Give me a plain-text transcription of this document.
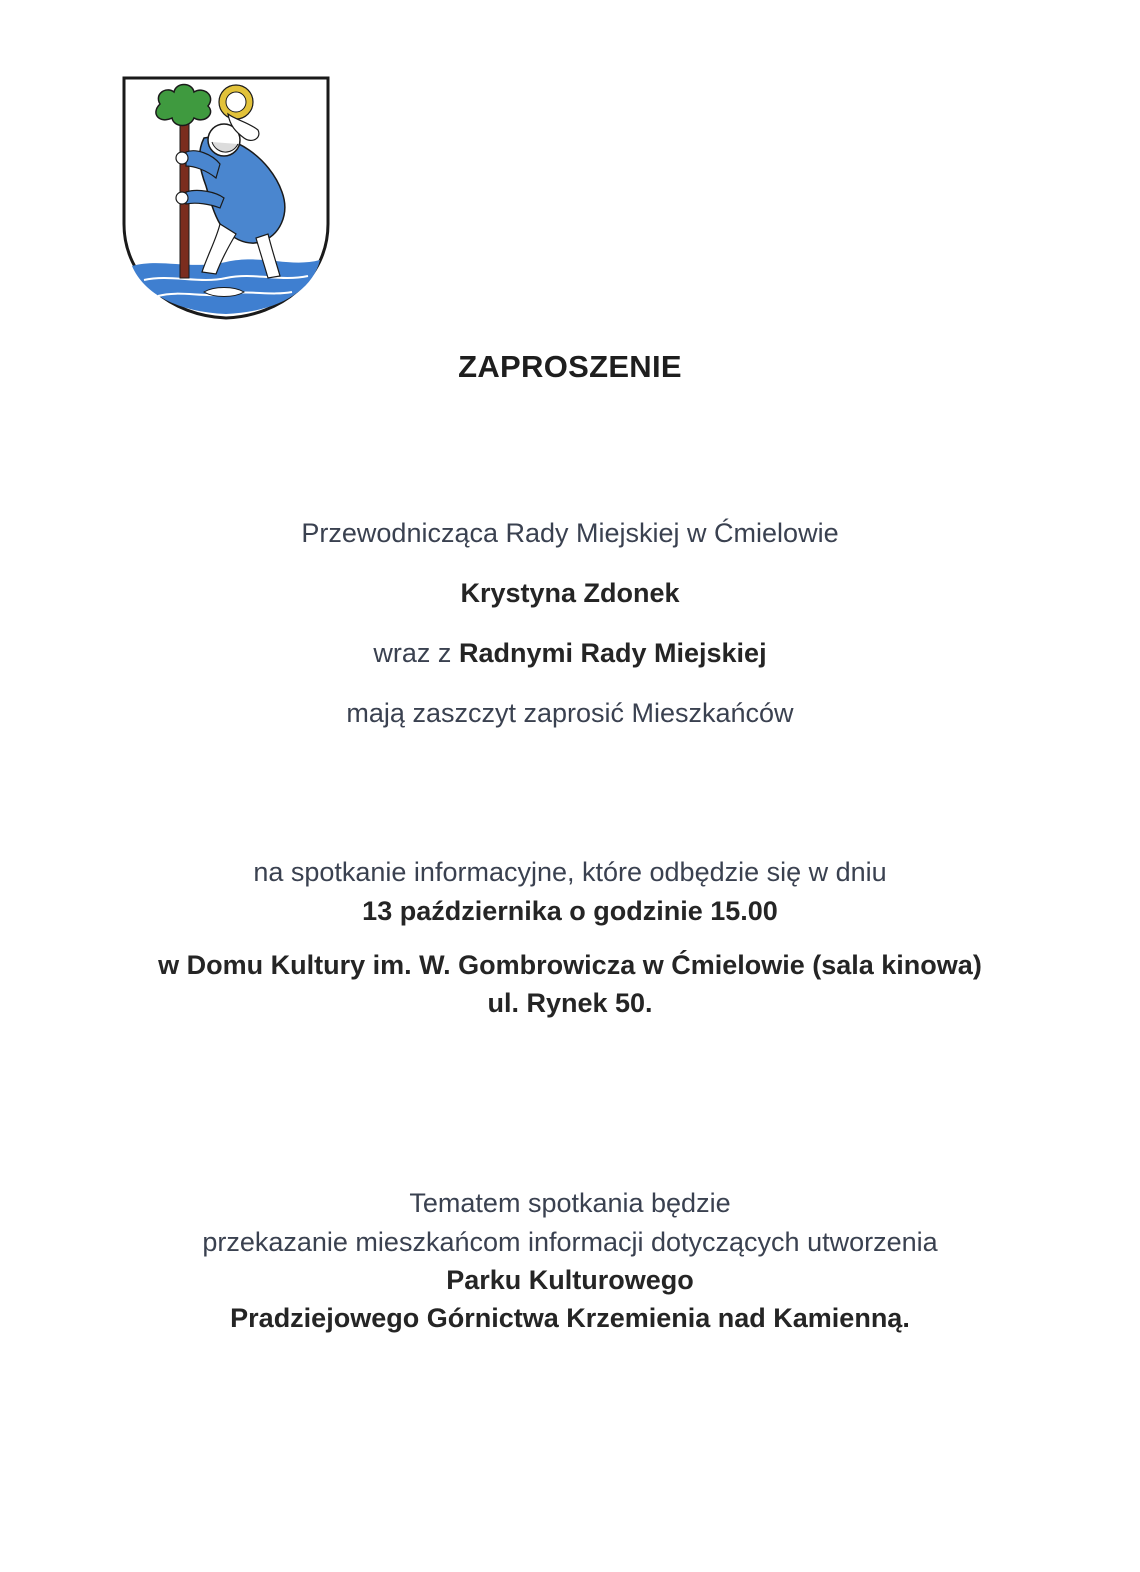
ZAPROSZENIE
Przewodnicząca Rady Miejskiej w Ćmielowie
Krystyna Zdonek
wraz z Radnymi Rady Miejskiej
mają zaszczyt zaprosić Mieszkańców
na spotkanie informacyjne, które odbędzie się w dniu
13 października o godzinie 15.00
w Domu Kultury im. W. Gombrowicza w Ćmielowie (sala kinowa)
ul. Rynek 50.
Tematem spotkania będzie
przekazanie mieszkańcom informacji dotyczących utworzenia
Parku Kulturowego
Pradziejowego Górnictwa Krzemienia nad Kamienną.
